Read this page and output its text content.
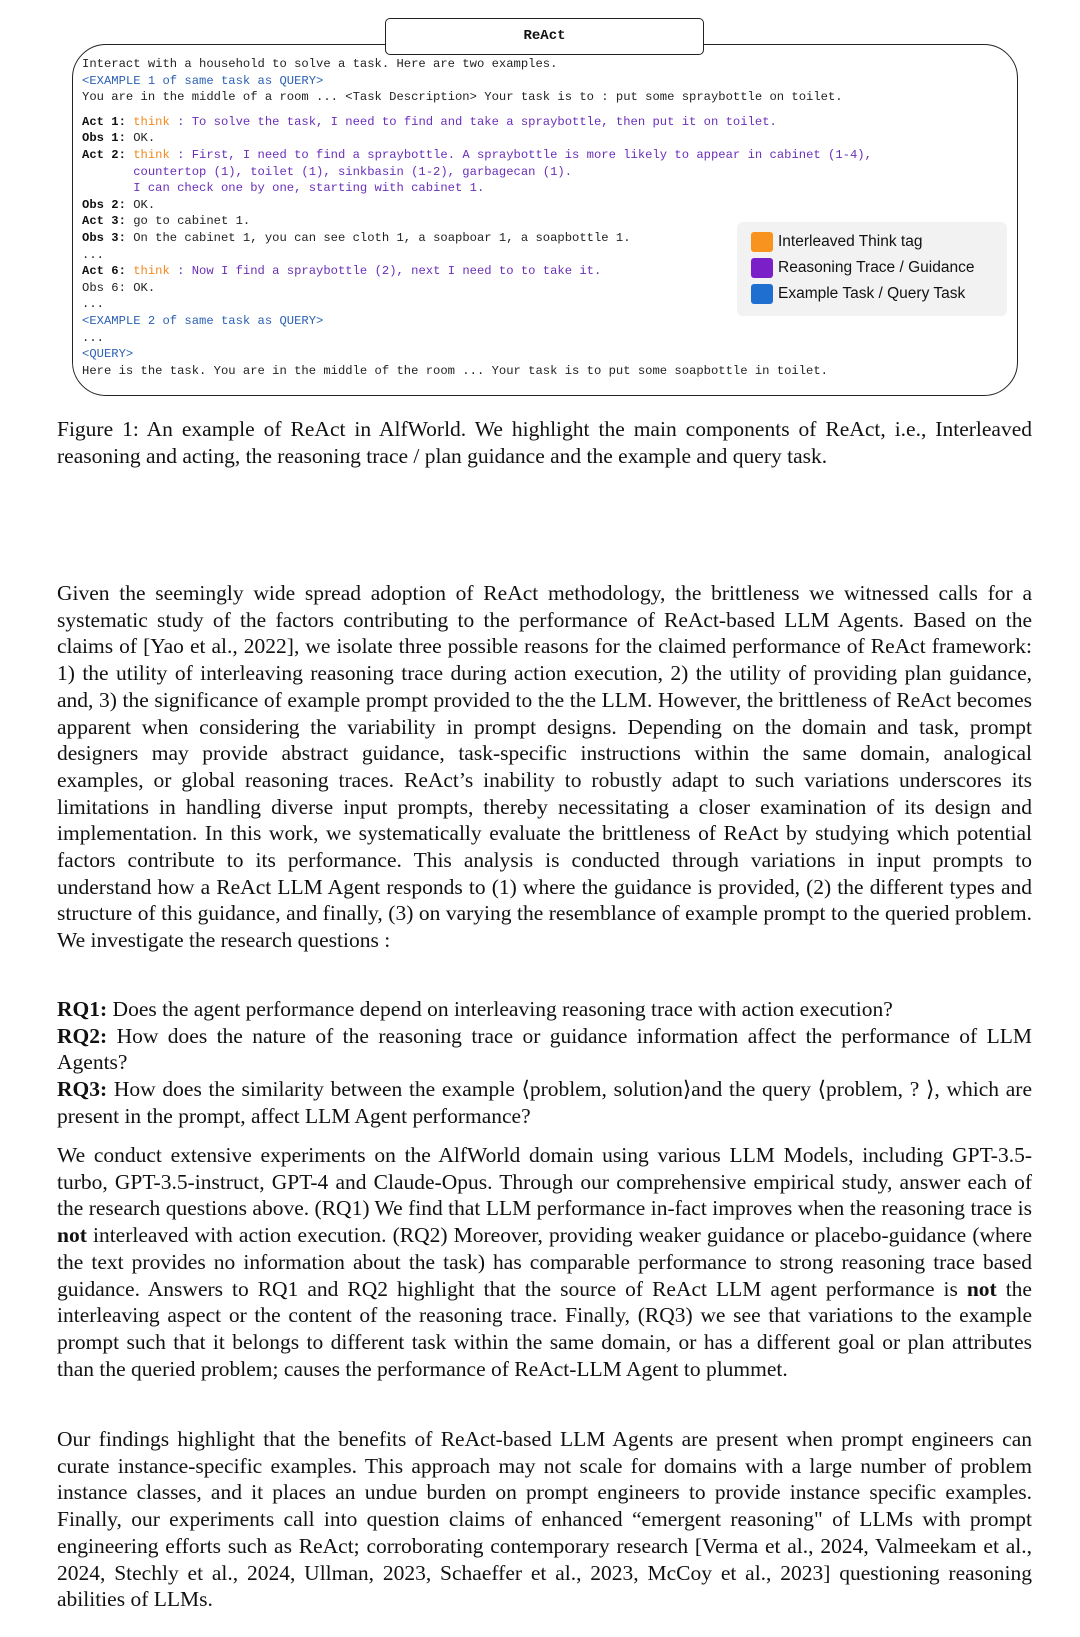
ReAct
Interact with a household to solve a task. Here are two examples.
<EXAMPLE 1 of same task as QUERY>
You are in the middle of a room ... <Task Description> Your task is to : put some spraybottle on toilet.
Act 1: think : To solve the task, I need to find and take a spraybottle, then put it on toilet.
Obs 1: OK.
Act 2: think : First, I need to find a spraybottle. A spraybottle is more likely to appear in cabinet (1-4),
countertop (1), toilet (1), sinkbasin (1-2), garbagecan (1).
I can check one by one, starting with cabinet 1.
Obs 2: OK.
Act 3: go to cabinet 1.
Obs 3: On the cabinet 1, you can see cloth 1, a soapboar 1, a soapbottle 1.
...
Act 6: think : Now I find a spraybottle (2), next I need to to take it.
Obs 6: OK.
...
<EXAMPLE 2 of same task as QUERY>
...
<QUERY>
Here is the task. You are in the middle of the room ... Your task is to put some soapbottle in toilet.
Interleaved Think tag
Reasoning Trace / Guidance
Example Task / Query Task
Figure 1: An example of ReAct in AlfWorld. We highlight the main components of ReAct, i.e., Interleaved reasoning and acting, the reasoning trace / plan guidance and the example and query task.
Given the seemingly wide spread adoption of ReAct methodology, the brittleness we witnessed calls for a systematic study of the factors contributing to the performance of ReAct-based LLM Agents. Based on the claims of [Yao et al., 2022], we isolate three possible reasons for the claimed performance of ReAct framework: 1) the utility of interleaving reasoning trace during action execution, 2) the utility of providing plan guidance, and, 3) the significance of example prompt provided to the the LLM. However, the brittleness of ReAct becomes apparent when considering the variability in prompt designs. Depending on the domain and task, prompt designers may provide abstract guidance, task-specific instructions within the same domain, analogical examples, or global reasoning traces. ReAct’s inability to robustly adapt to such variations underscores its limitations in handling diverse input prompts, thereby necessitating a closer examination of its design and implementation. In this work, we systematically evaluate the brittleness of ReAct by studying which potential factors contribute to its performance. This analysis is conducted through variations in input prompts to understand how a ReAct LLM Agent responds to (1) where the guidance is provided, (2) the different types and structure of this guidance, and finally, (3) on varying the resemblance of example prompt to the queried problem. We investigate the research questions :
RQ1: Does the agent performance depend on interleaving reasoning trace with action execution?
RQ2: How does the nature of the reasoning trace or guidance information affect the performance of LLM Agents?
RQ3: How does the similarity between the example ⟨problem, solution⟩and the query ⟨problem, ? ⟩, which are present in the prompt, affect LLM Agent performance?
We conduct extensive experiments on the AlfWorld domain using various LLM Models, including GPT-3.5-turbo, GPT-3.5-instruct, GPT-4 and Claude-Opus. Through our comprehensive empirical study, answer each of the research questions above. (RQ1) We find that LLM performance in-fact improves when the reasoning trace is not interleaved with action execution. (RQ2) Moreover, providing weaker guidance or placebo-guidance (where the text provides no information about the task) has comparable performance to strong reasoning trace based guidance. Answers to RQ1 and RQ2 highlight that the source of ReAct LLM agent performance is not the interleaving aspect or the content of the reasoning trace. Finally, (RQ3) we see that variations to the example prompt such that it belongs to different task within the same domain, or has a different goal or plan attributes than the queried problem; causes the performance of ReAct-LLM Agent to plummet.
Our findings highlight that the benefits of ReAct-based LLM Agents are present when prompt engineers can curate instance-specific examples. This approach may not scale for domains with a large number of problem instance classes, and it places an undue burden on prompt engineers to provide instance specific examples. Finally, our experiments call into question claims of enhanced “emergent reasoning" of LLMs with prompt engineering efforts such as ReAct; corroborating contemporary research [Verma et al., 2024, Valmeekam et al., 2024, Stechly et al., 2024, Ullman, 2023, Schaeffer et al., 2023, McCoy et al., 2023] questioning reasoning abilities of LLMs.
